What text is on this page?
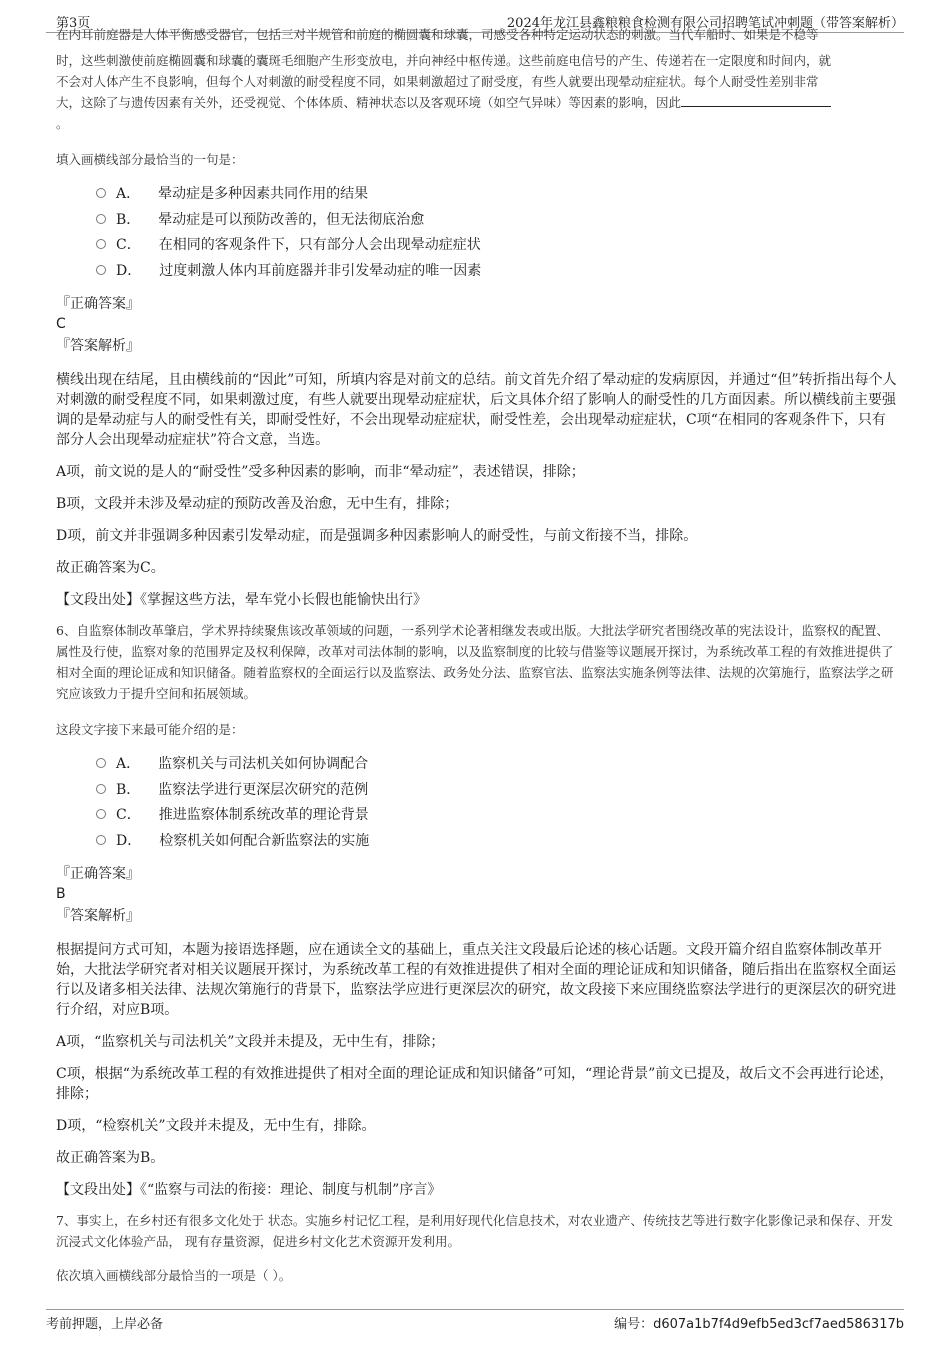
第3页	2024年龙江县鑫粮粮食检测有限公司招聘笔试冲刺题（带答案解析）
在内耳前庭器是人体平衡感受器官，包括三对半规管和前庭的椭圆囊和球囊，司感受各种特定运动状态的刺激。当代车船时、如果是不稳等

时，这些刺激使前庭椭圆囊和球囊的囊斑毛细胞产生形变放电，并向神经中枢传递。这些前庭电信号的产生、传递若在一定限度和时间内，就
不会对人体产生不良影响，但每个人对刺激的耐受程度不同，如果刺激超过了耐受度，有些人就要出现晕动症症状。每个人耐受性差别非常
大，这除了与遗传因素有关外，还受视觉、个体体质、精神状态以及客观环境（如空气异味）等因素的影响，因此
。

填入画横线部分最恰当的一句是：

A． 晕动症是多种因素共同作用的结果
B． 晕动症是可以预防改善的，但无法彻底治愈
C． 在相同的客观条件下，只有部分人会出现晕动症症状
D． 过度刺激人体内耳前庭器并非引发晕动症的唯一因素
『正确答案』
C
『答案解析』

横线出现在结尾，且由横线前的“因此”可知，所填内容是对前文的总结。前文首先介绍了晕动症的发病原因，并通过“但”转折指出每个人对刺激的耐受程度不同，如果刺激过度，有些人就要出现晕动症症状，后文具体介绍了影响人的耐受性的几方面因素。所以横线前主要强调的是晕动症与人的耐受性有关，即耐受性好，不会出现晕动症症状，耐受性差，会出现晕动症症状，C项“在相同的客观条件下，只有部分人会出现晕动症症状”符合文意，当选。

A项，前文说的是人的“耐受性”受多种因素的影响，而非“晕动症”，表述错误，排除；

B项，文段并未涉及晕动症的预防改善及治愈，无中生有，排除；

D项，前文并非强调多种因素引发晕动症，而是强调多种因素影响人的耐受性，与前文衔接不当，排除。

故正确答案为C。

【文段出处】《掌握这些方法，晕车党小长假也能愉快出行》

6、自监察体制改革肇启，学术界持续聚焦该改革领域的问题，一系列学术论著相继发表或出版。大批法学研究者围绕改革的宪法设计，监察权的配置、属性及行使，监察对象的范围界定及权利保障，改革对司法体制的影响，以及监察制度的比较与借鉴等议题展开探讨，为系统改革工程的有效推进提供了相对全面的理论证成和知识储备。随着监察权的全面运行以及监察法、政务处分法、监察官法、监察法实施条例等法律、法规的次第施行，监察法学之研究应该致力于提升空间和拓展领域。

这段文字接下来最可能介绍的是：

A． 监察机关与司法机关如何协调配合
B． 监察法学进行更深层次研究的范例
C． 推进监察体制系统改革的理论背景
D． 检察机关如何配合新监察法的实施
『正确答案』
B
『答案解析』

根据提问方式可知，本题为接语选择题，应在通读全文的基础上，重点关注文段最后论述的核心话题。文段开篇介绍自监察体制改革开始，大批法学研究者对相关议题展开探讨，为系统改革工程的有效推进提供了相对全面的理论证成和知识储备，随后指出在监察权全面运行以及诸多相关法律、法规次第施行的背景下，监察法学应进行更深层次的研究，故文段接下来应围绕监察法学进行的更深层次的研究进行介绍，对应B项。

A项，“监察机关与司法机关”文段并未提及，无中生有，排除；

C项，根据“为系统改革工程的有效推进提供了相对全面的理论证成和知识储备”可知，“理论背景”前文已提及，故后文不会再进行论述，排除；

D项，“检察机关”文段并未提及，无中生有，排除。

故正确答案为B。

【文段出处】《“监察与司法的衔接：理论、制度与机制”序言》

7、事实上，在乡村还有很多文化处于 状态。实施乡村记忆工程，是利用好现代化信息技术，对农业遗产、传统技艺等进行数字化影像记录和保存、开发沉浸式文化体验产品， 现有存量资源，促进乡村文化艺术资源开发利用。

依次填入画横线部分最恰当的一项是（ ）。

考前押题，上岸必备	编号：d607a1b7f4d9efb5ed3cf7aed586317b
